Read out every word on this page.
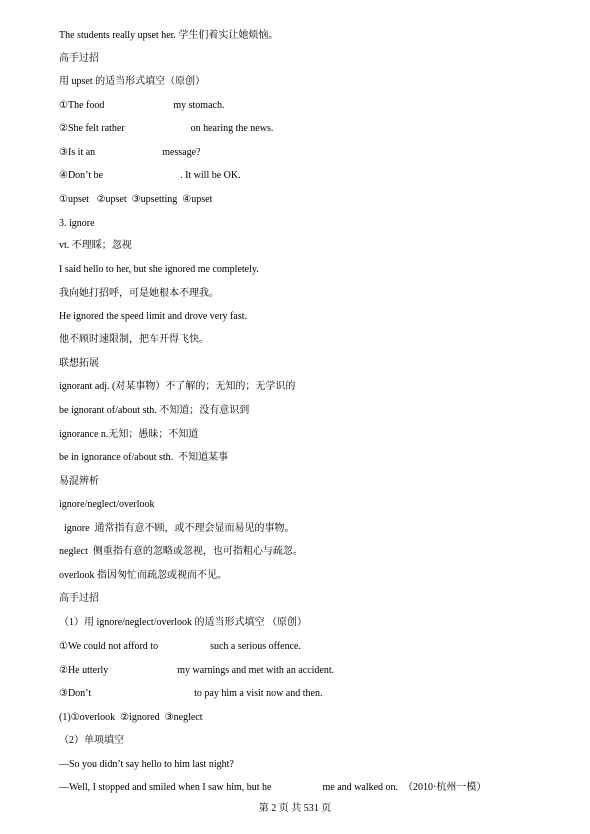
The students really upset her. 学生们着实让她烦恼。
高手过招
用 upset 的适当形式填空（原创）
①The food	my stomach.
②She felt rather	on hearing the news.
③Is it an	message?
④Don’t be	. It will be OK.
①upset   ②upset  ③upsetting  ④upset
3. ignore
vt. 不理睬；忽视
I said hello to her, but she ignored me completely.
我向她打招呼，可是她根本不理我。
He ignored the speed limit and drove very fast.
他不顾时速限制，把车开得飞快。
联想拓展
ignorant adj. (对某事物）不了解的；无知的；无学识的
be ignorant of/about sth. 不知道；没有意识到
ignorance n.无知；愚昧；不知道
be in ignorance of/about sth.  不知道某事
易混辨析
ignore/neglect/overlook
ignore  通常指有意不顾，或不理会显而易见的事物。
neglect  侧重指有意的忽略或忽视，也可指粗心与疏忽。
overlook 指因匆忙而疏忽或视而不见。
高手过招
（1）用 ignore/neglect/overlook 的适当形式填空 （原创）
①We could not afford to	such a serious offence.
②He utterly	my warnings and met with an accident.
③Don’t	to pay him a visit now and then.
(1)①overlook  ②ignored  ③neglect
（2）单项填空
—So you didn’t say hello to him last night?
—Well, I stopped and smiled when I saw him, but he	me and walked on.  （2010·杭州一模）
第 2 页 共 531 页
